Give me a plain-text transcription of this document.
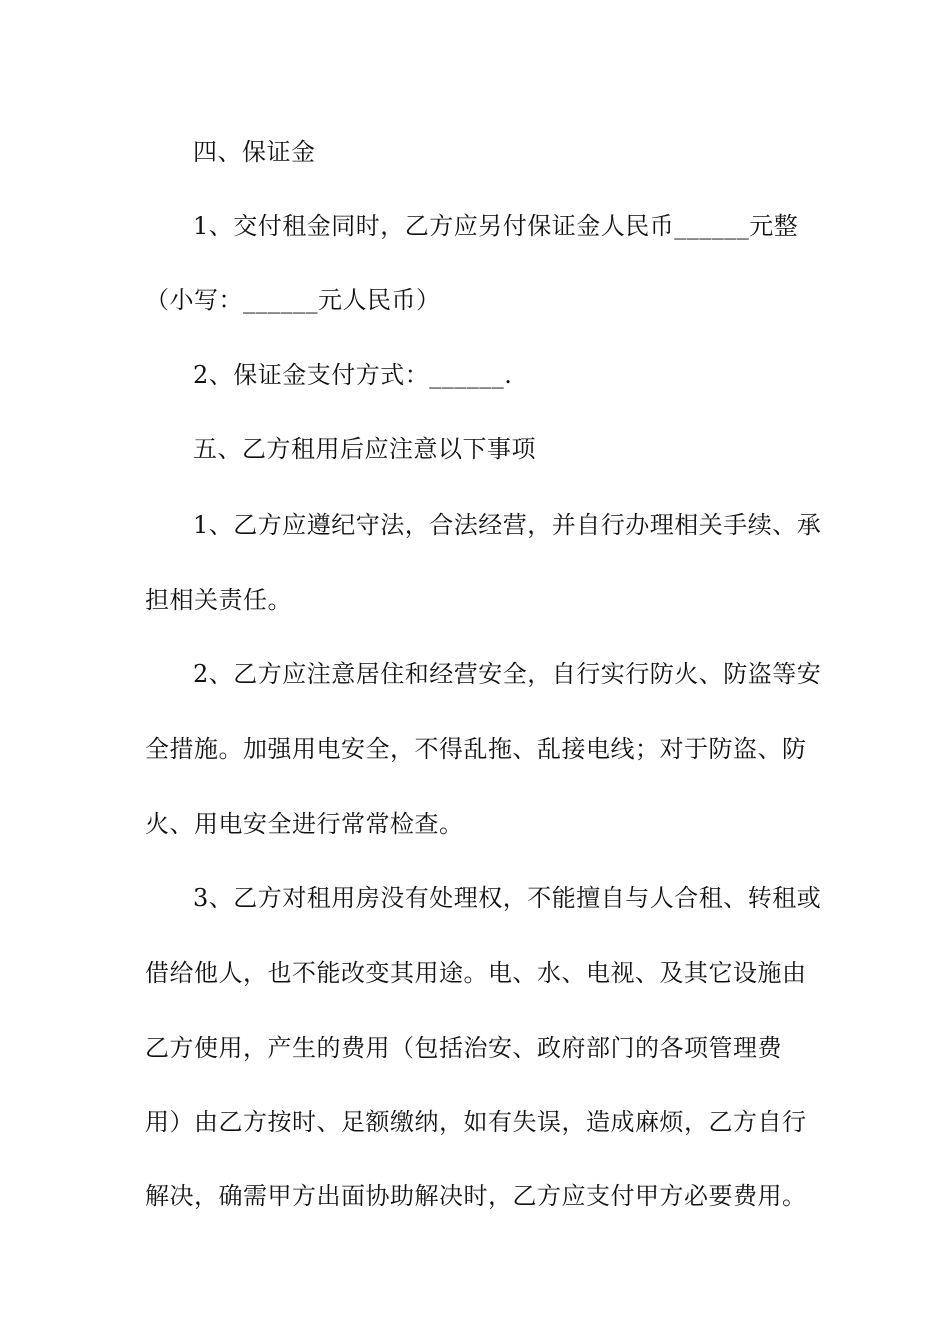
四、保证金
1、交付租金同时，乙方应另付保证金人民币______元整
（小写：______元人民币）
2、保证金支付方式：______.
五、乙方租用后应注意以下事项
1、乙方应遵纪守法，合法经营，并自行办理相关手续、承
担相关责任。
2、乙方应注意居住和经营安全，自行实行防火、防盗等安
全措施。加强用电安全，不得乱拖、乱接电线；对于防盗、防
火、用电安全进行常常检查。
3、乙方对租用房没有处理权，不能擅自与人合租、转租或
借给他人，也不能改变其用途。电、水、电视、及其它设施由
乙方使用，产生的费用（包括治安、政府部门的各项管理费
用）由乙方按时、足额缴纳，如有失误，造成麻烦，乙方自行
解决，确需甲方出面协助解决时，乙方应支付甲方必要费用。
